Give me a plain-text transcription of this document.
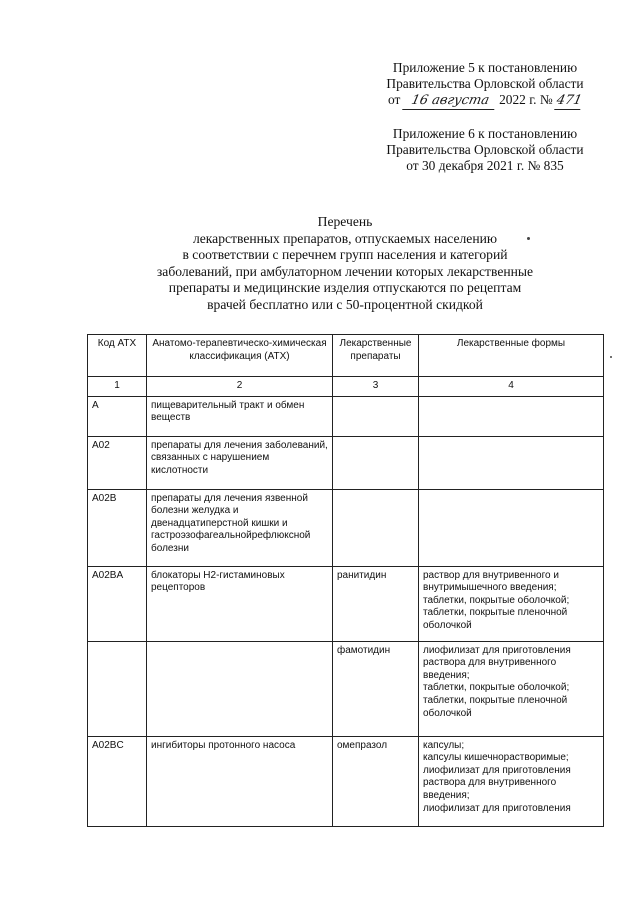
Приложение 5 к постановлению
Правительства Орловской области
от 16 августа 2022 г. № 471
Приложение 6 к постановлению
Правительства Орловской области
от 30 декабря 2021 г. № 835
Перечень
лекарственных препаратов, отпускаемых населению
в соответствии с перечнем групп населения и категорий
заболеваний, при амбулаторном лечении которых лекарственные
препараты и медицинские изделия отпускаются по рецептам
врачей бесплатно или с 50-процентной скидкой
Код АТХ	Анатомо-терапевтическо-химическая классификация (АТХ)	Лекарственные препараты	Лекарственные формы
1	2	3	4
A	пищеварительный тракт и обмен веществ		
A02	препараты для лечения заболеваний, связанных с нарушением кислотности		
A02B	препараты для лечения язвенной болезни желудка и двенадцатиперстной кишки и гастроэзофагеальнойрефлюксной болезни		
A02BA	блокаторы Н2-гистаминовых рецепторов	ранитидин	раствор для внутривенного и внутримышечного введения;
таблетки, покрытые оболочкой;
таблетки, покрытые пленочной оболочкой

		фамотидин	лиофилизат для приготовления раствора для внутривенного введения;
таблетки, покрытые оболочкой;
таблетки, покрытые пленочной оболочкой

A02BC	ингибиторы протонного насоса	омепразол	капсулы;
капсулы кишечнорастворимые;
лиофилизат для приготовления раствора для внутривенного введения;
лиофилизат для приготовления
